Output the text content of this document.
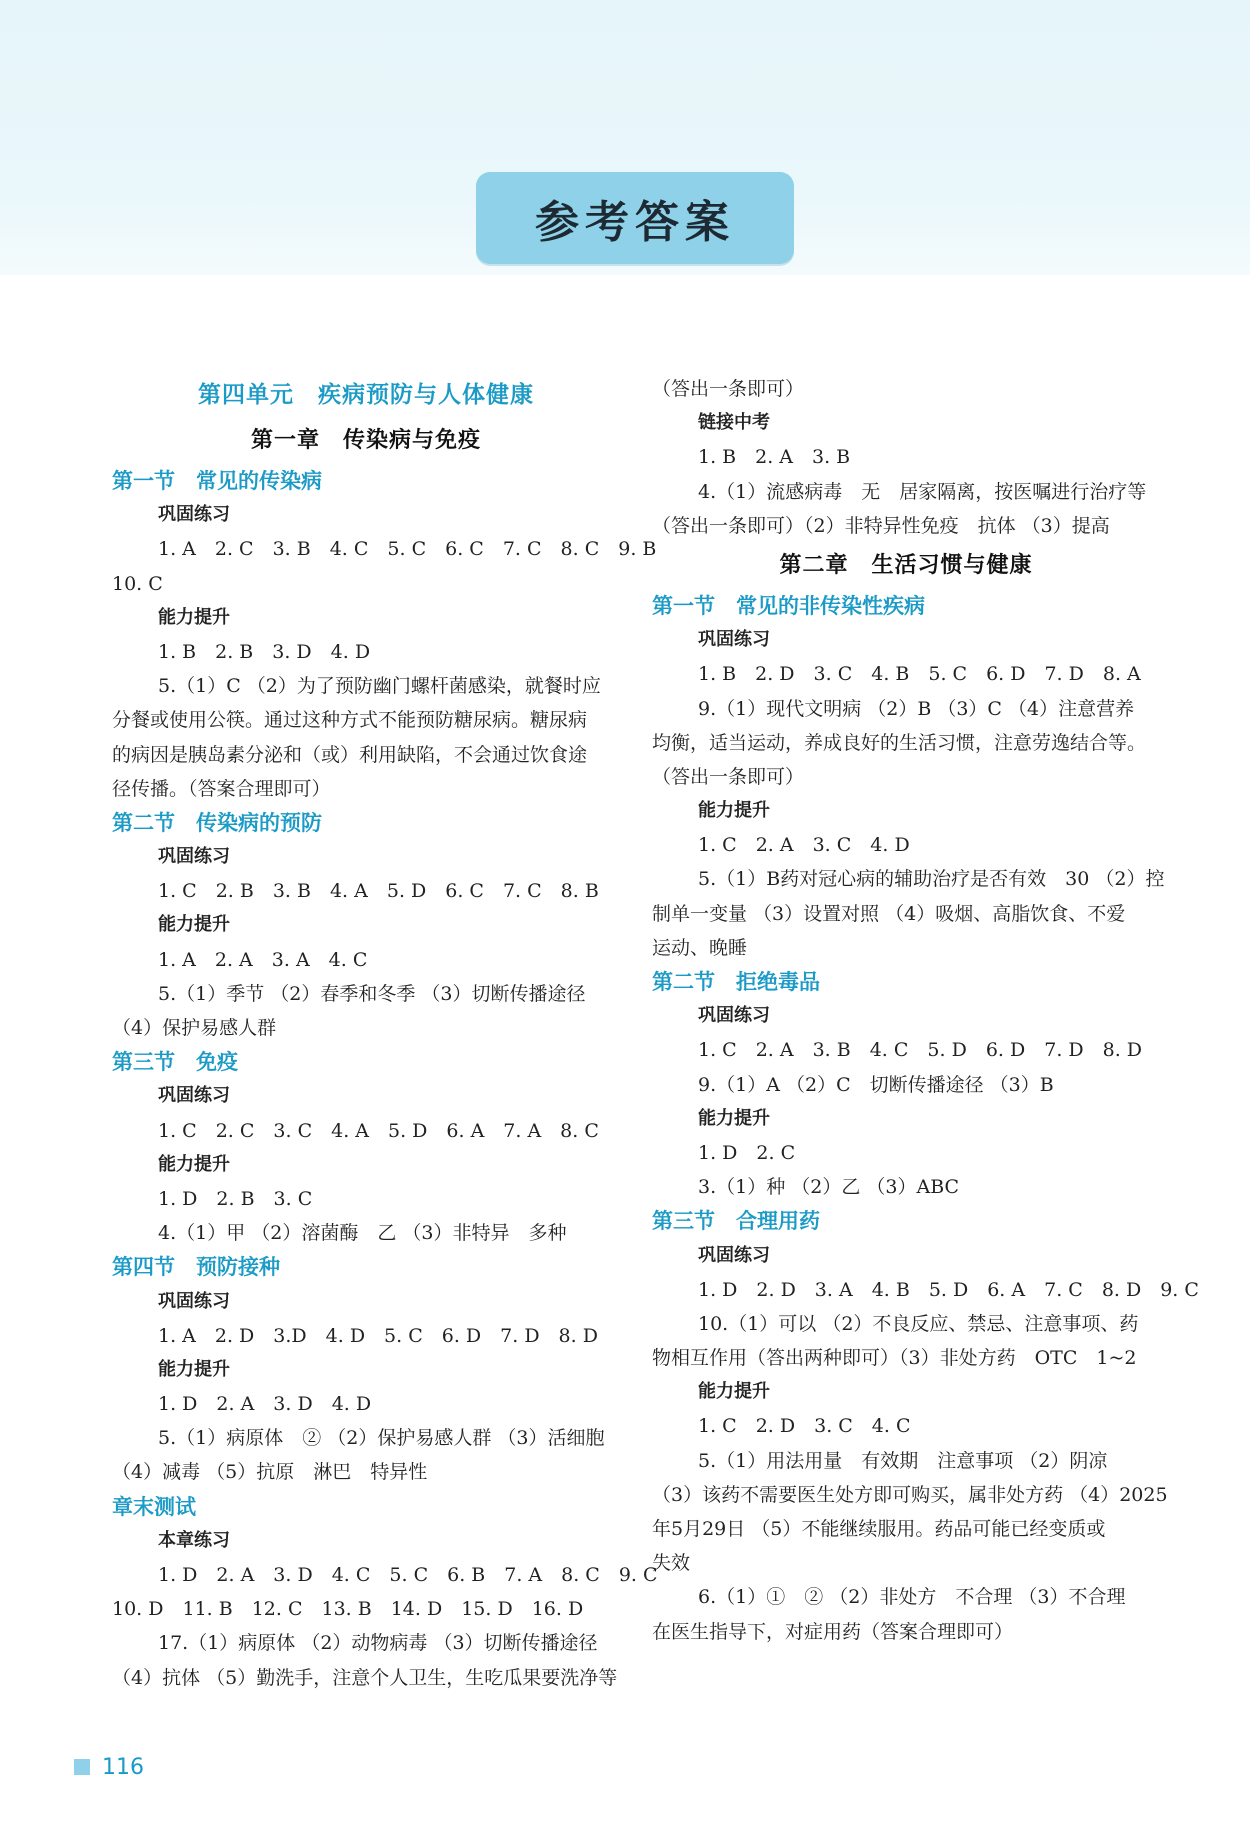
参考答案
第四单元　疾病预防与人体健康
第一章　传染病与免疫
第一节　常见的传染病
巩固练习
1. A　2. C　3. B　4. C　5. C　6. C　7. C　8. C　9. B
10. C
能力提升
1. B　2. B　3. D　4. D
5.（1）C （2）为了预防幽门螺杆菌感染，就餐时应
分餐或使用公筷。通过这种方式不能预防糖尿病。糖尿病
的病因是胰岛素分泌和（或）利用缺陷，不会通过饮食途
径传播。（答案合理即可）
第二节　传染病的预防
巩固练习
1. C　2. B　3. B　4. A　5. D　6. C　7. C　8. B
能力提升
1. A　2. A　3. A　4. C
5.（1）季节 （2）春季和冬季 （3）切断传播途径
（4）保护易感人群
第三节　免疫
巩固练习
1. C　2. C　3. C　4. A　5. D　6. A　7. A　8. C
能力提升
1. D　2. B　3. C
4.（1）甲 （2）溶菌酶　乙 （3）非特异　多种
第四节　预防接种
巩固练习
1. A　2. D　3.D　4. D　5. C　6. D　7. D　8. D
能力提升
1. D　2. A　3. D　4. D
5.（1）病原体　② （2）保护易感人群 （3）活细胞
（4）减毒 （5）抗原　淋巴　特异性
章末测试
本章练习
1. D　2. A　3. D　4. C　5. C　6. B　7. A　8. C　9. C
10. D　11. B　12. C　13. B　14. D　15. D　16. D
17.（1）病原体 （2）动物病毒 （3）切断传播途径
（4）抗体 （5）勤洗手，注意个人卫生，生吃瓜果要洗净等
（答出一条即可）
链接中考
1. B　2. A　3. B
4.（1）流感病毒　无　居家隔离，按医嘱进行治疗等
（答出一条即可）（2）非特异性免疫　抗体 （3）提高
第二章　生活习惯与健康
第一节　常见的非传染性疾病
巩固练习
1. B　2. D　3. C　4. B　5. C　6. D　7. D　8. A
9.（1）现代文明病 （2）B （3）C （4）注意营养
均衡，适当运动，养成良好的生活习惯，注意劳逸结合等。
（答出一条即可）
能力提升
1. C　2. A　3. C　4. D
5.（1）B药对冠心病的辅助治疗是否有效　30 （2）控
制单一变量 （3）设置对照 （4）吸烟、高脂饮食、不爱
运动、晚睡
第二节　拒绝毒品
巩固练习
1. C　2. A　3. B　4. C　5. D　6. D　7. D　8. D
9.（1）A （2）C　切断传播途径 （3）B
能力提升
1. D　2. C
3.（1）种 （2）乙 （3）ABC
第三节　合理用药
巩固练习
1. D　2. D　3. A　4. B　5. D　6. A　7. C　8. D　9. C
10.（1）可以 （2）不良反应、禁忌、注意事项、药
物相互作用（答出两种即可）（3）非处方药　OTC　1~2
能力提升
1. C　2. D　3. C　4. C
5.（1）用法用量　有效期　注意事项 （2）阴凉
（3）该药不需要医生处方即可购买，属非处方药 （4）2025
年5月29日 （5）不能继续服用。药品可能已经变质或
失效
6.（1）①　② （2）非处方　不合理 （3）不合理
在医生指导下，对症用药（答案合理即可）
116
